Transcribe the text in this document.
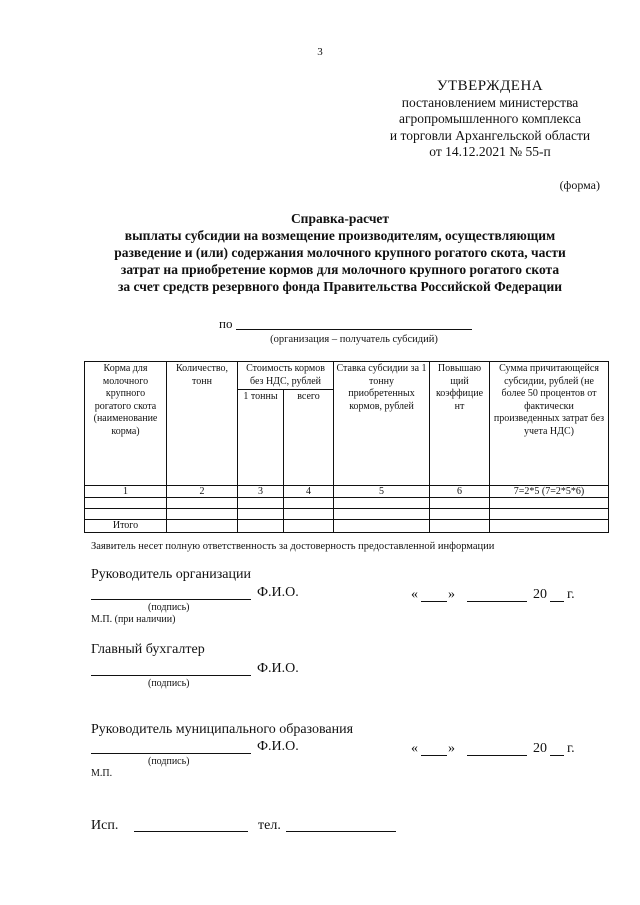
3
УТВЕРЖДЕНА
постановлением министерства
агропромышленного комплекса
и торговли Архангельской области
от 14.12.2021 № 55-п
(форма)
Справка-расчет
выплаты субсидии на возмещение производителям, осуществляющим
разведение и (или) содержания молочного крупного рогатого скота, части
затрат на приобретение кормов для молочного крупного рогатого скота
за счет средств резервного фонда Правительства Российской Федерации
по
(организация – получатель субсидий)
Корма для молочного крупного рогатого скота (наименование корма)	Количество, тонн	Стоимость кормов без НДС, рублей		Ставка субсидии за 1 тонну приобретенных кормов, рублей	Повышаю щий коэффицие нт	Сумма причитающейся субсидии, рублей (не более 50 процентов от фактически произведенных затрат без учета НДС)
		1 тонны	всего			
1	2	3	4	5	6	7=2*5 (7=2*5*6)

Итого						
Заявитель несет полную ответственность за достоверность предоставленной информации
Руководитель организации
Ф.И.О.
(подпись)
М.П. (при наличии)
« »	20 г.
Главный бухгалтер
Ф.И.О.
(подпись)
Руководитель муниципального образования
Ф.И.О.
(подпись)
М.П.
« »	20 г.
Исп.	тел.
